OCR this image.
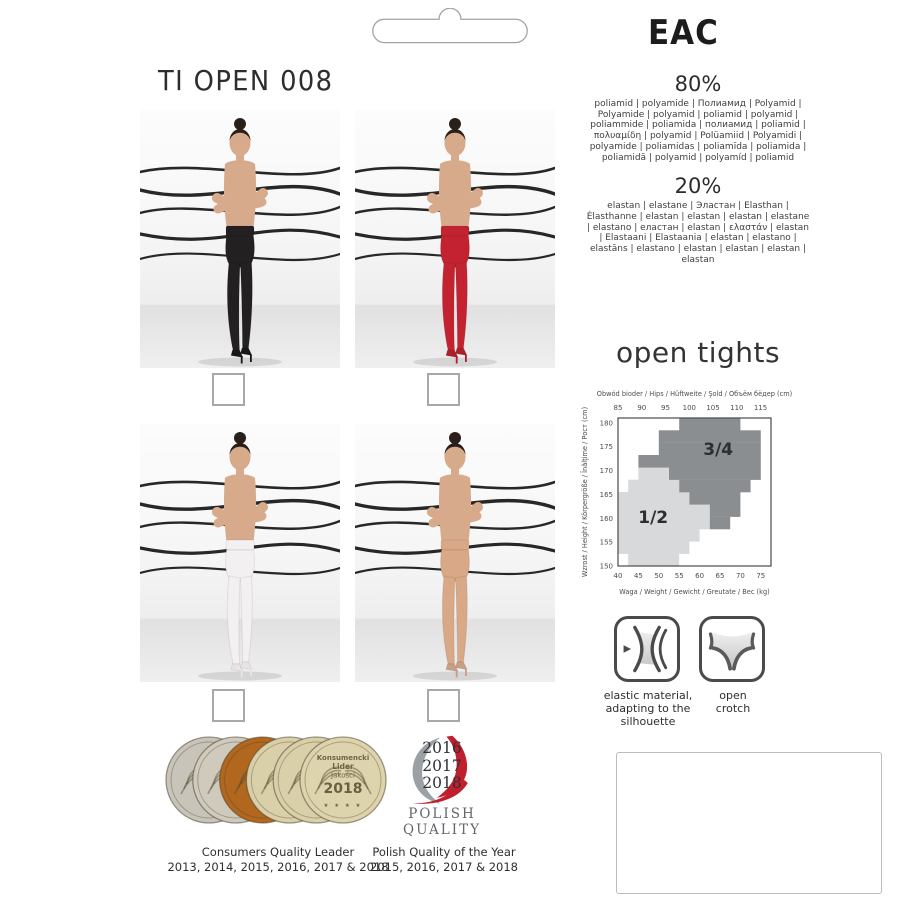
TI OPEN 008
EAC
80%
poliamid | polyamide | Полиамид | Polyamid | Polyamide | polyamid | poliamid | polyamid | poliammide | poliamida | полиамид | poliamid | πολυαμίδη | polyamid | Polüamiid | Polyamidi | polyamide | poliamidas | poliamīda | poliamida | poliamidā | polyamid | polyamíd | poliamid
20%
elastan | elastane | Эластан | Elasthan | Élasthanne | elastan | elastan | elastan | elastane | elastano | еластан | elastan | ελαστάν | elastan | Elastaani | Elastaania | elastan | elastano | elastāns | elastano | elastan | elastan | elastan | elastan
open tights
1/2
3/4
85 90 95 100 105 110 115
40 45 50 55 60 65 70 75
150
155
160
165
170
175
180
Obwód bioder / Hips / Hüftweite / Şold / Объём бёдер (cm)
Waga / Weight / Gewicht / Greutate / Вес (kg)
Wzrost / Height / Körpergröße / Înălţime / Рост (cm)
elastic material,
adapting to the
silhouette
open
crotch
Konsumencki
Lider
Jakości
2018
★ ★ ★ ★
2016
2017
2018
POLISH
QUALITY
Consumers Quality Leader
2013, 2014, 2015, 2016, 2017 & 2018
Polish Quality of the Year
2015, 2016, 2017 & 2018
